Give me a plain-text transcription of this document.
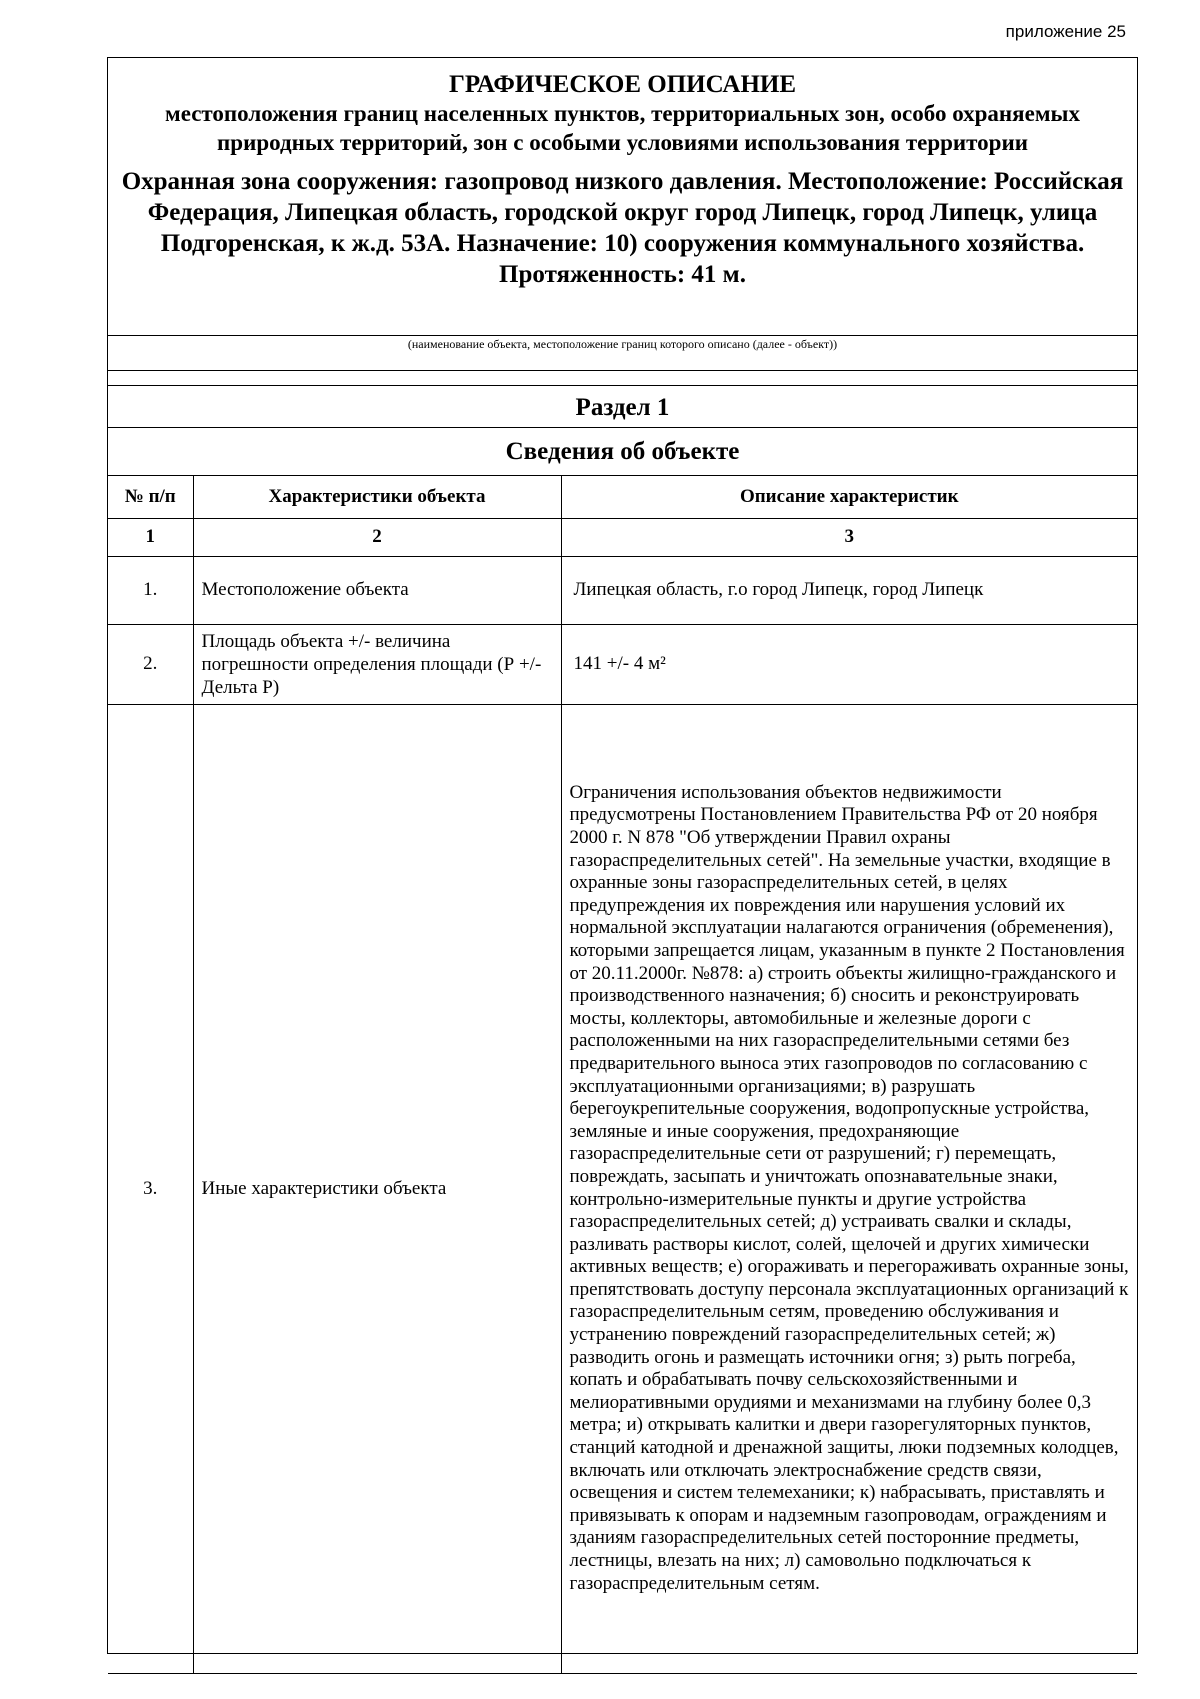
приложение 25
ГРАФИЧЕСКОЕ ОПИСАНИЕ
местоположения границ населенных пунктов, территориальных зон, особо охраняемых природных территорий, зон с особыми условиями использования территории
Охранная зона сооружения: газопровод низкого давления. Местоположение: Российская Федерация, Липецкая область, городской округ город Липецк, город Липецк, улица Подгоренская, к ж.д. 53А. Назначение: 10) сооружения коммунального хозяйства. Протяженность: 41 м.
(наименование объекта, местоположение границ которого описано (далее - объект))
Раздел 1
Сведения об объекте
№ п/п	Характеристики объекта	Описание характеристик
1	2	3
1.	Местоположение объекта	Липецкая область, г.о город Липецк, город Липецк
2.	Площадь объекта +/- величина погрешности определения площади (Р +/- Дельта Р)	141 +/- 4 м²
3.	Иные характеристики объекта	Ограничения использования объектов недвижимости предусмотрены Постановлением Правительства РФ от 20 ноября 2000 г. N 878 "Об утверждении Правил охраны газораспределительных сетей". На земельные участки, входящие в охранные зоны газораспределительных сетей, в целях предупреждения их повреждения или нарушения условий их нормальной эксплуатации налагаются ограничения (обременения), которыми запрещается лицам, указанным в пункте 2 Постановления от 20.11.2000г. №878: а) строить объекты жилищно-гражданского и производственного назначения; б) сносить и реконструировать мосты, коллекторы, автомобильные и железные дороги с расположенными на них газораспределительными сетями без предварительного выноса этих газопроводов по согласованию с эксплуатационными организациями; в) разрушать берегоукрепительные сооружения, водопропускные устройства, земляные и иные сооружения, предохраняющие газораспределительные сети от разрушений; г) перемещать, повреждать, засыпать и уничтожать опознавательные знаки, контрольно-измерительные пункты и другие устройства газораспределительных сетей; д) устраивать свалки и склады, разливать растворы кислот, солей, щелочей и других химически активных веществ; е) огораживать и перегораживать охранные зоны, препятствовать доступу персонала эксплуатационных организаций к газораспределительным сетям, проведению обслуживания и устранению повреждений газораспределительных сетей; ж) разводить огонь и размещать источники огня; з) рыть погреба, копать и обрабатывать почву сельскохозяйственными и мелиоративными орудиями и механизмами на глубину более 0,3 метра; и) открывать калитки и двери газорегуляторных пунктов, станций катодной и дренажной защиты, люки подземных колодцев, включать или отключать электроснабжение средств связи, освещения и систем телемеханики; к) набрасывать, приставлять и привязывать к опорам и надземным газопроводам, ограждениям и зданиям газораспределительных сетей посторонние предметы, лестницы, влезать на них; л) самовольно подключаться к газораспределительным сетям.
